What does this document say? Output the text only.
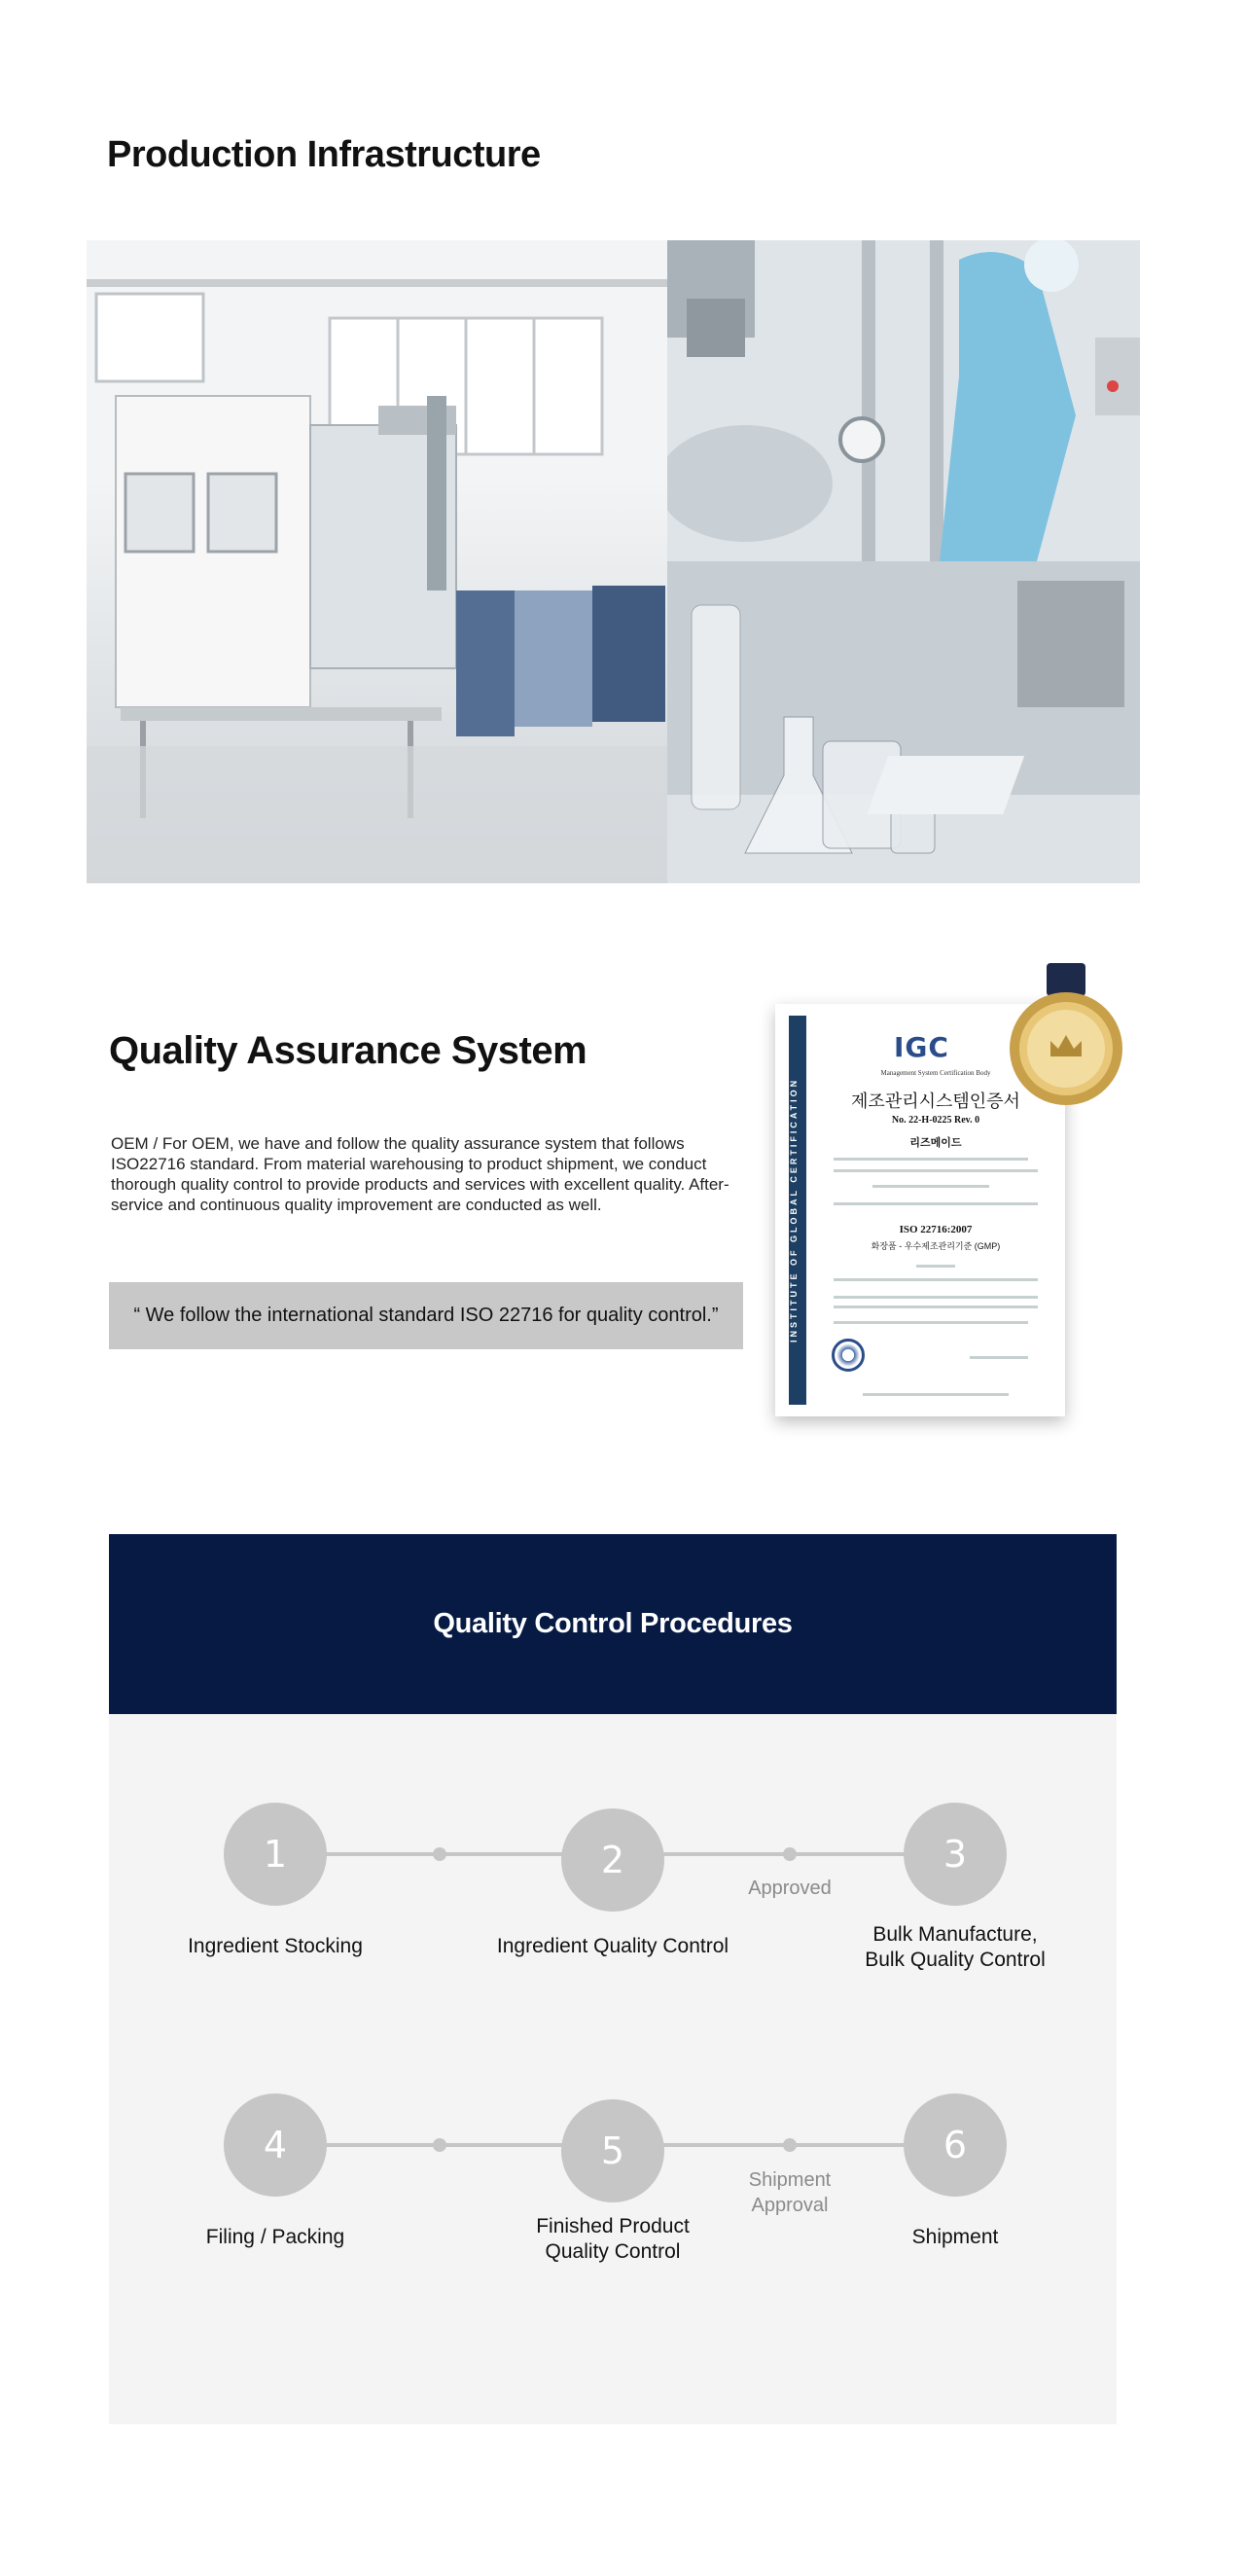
Production Infrastructure
Quality Assurance System

OEM / For OEM, we have and follow the quality assurance system that follows ISO22716 standard. From material warehousing to product shipment, we conduct thorough quality control to provide products and services with excellent quality. After-service and continuous quality improvement are conducted as well.

“ We follow the international standard ISO 22716 for quality control.”	INSTITUTE OF GLOBAL CERTIFICATION
IGC
Management System Certification Body
제조관리시스템인증서
No. 22-H-0225 Rev. 0
리즈메이드
ISO 22716:2007
화장품 - 우수제조관리기준 (GMP)
Quality Control Procedures
1	2	3
Ingredient Stocking	Ingredient Quality Control
Bulk Manufacture,
Bulk Quality Control
Approved
4	5	6
Filing / Packing	Finished Product
Quality Control
Shipment
Shipment
Approval
